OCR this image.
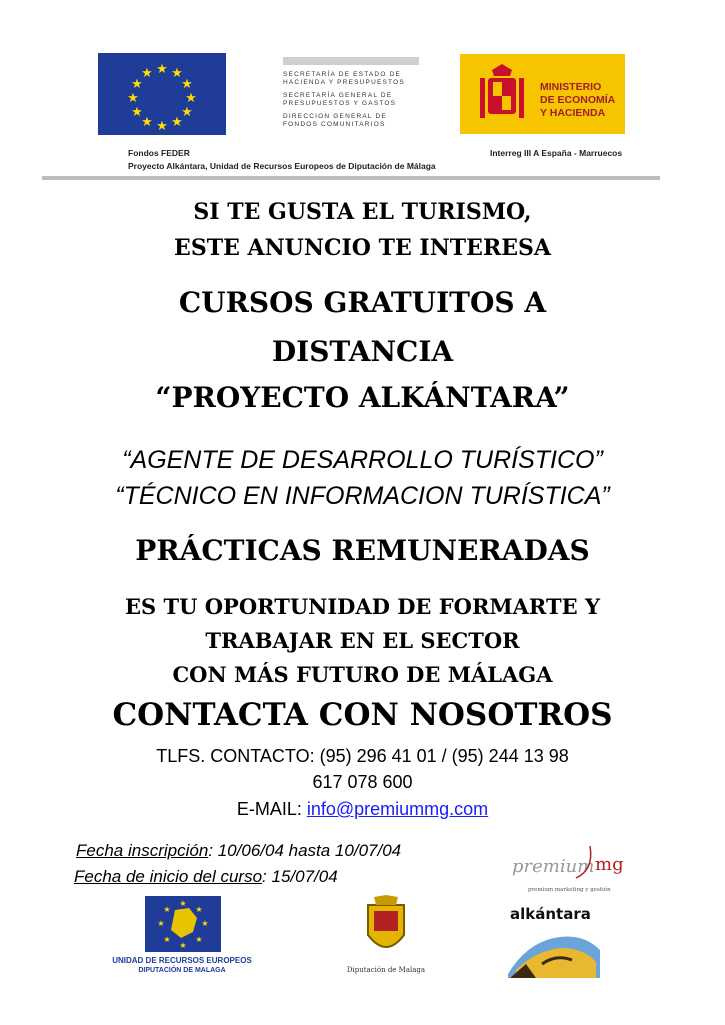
★ ★
★
★
★
★
★
★
★
★
★
★	SECRETARÍA DE ESTADO DE HACIENDA Y PRESUPUESTOS
SECRETARÍA GENERAL DE PRESUPUESTOS Y GASTOS
DIRECCION GENERAL DE FONDOS COMUNITARIOS
MINISTERIO
DE ECONOMÍA
Y HACIENDA
Fondos FEDER
Proyecto Alkántara, Unidad de Recursos Europeos de Diputación de Málaga
Interreg III A España - Marruecos
SI TE GUSTA EL TURISMO,
ESTE ANUNCIO TE INTERESA
CURSOS GRATUITOS A
DISTANCIA
“PROYECTO ALKÁNTARA”
“AGENTE DE DESARROLLO TURÍSTICO”
“TÉCNICO EN INFORMACION TURÍSTICA”
PRÁCTICAS REMUNERADAS
ES TU OPORTUNIDAD DE FORMARTE Y
TRABAJAR EN EL SECTOR
CON MÁS FUTURO DE MÁLAGA
CONTACTA CON NOSOTROS
TLFS. CONTACTO: (95) 296 41 01 / (95) 244 13 98
617 078 600
E-MAIL: info@premiummg.com
Fecha inscripción: 10/06/04 hasta 10/07/04
Fecha de inicio del curso: 15/07/04
★
★
★
★
★
★
★
★
UNIDAD DE RECURSOS EUROPEOS
DIPUTACIÓN DE MALAGA	Diputación de Malaga
premium mg
premium marketing y gestión
alkántara
